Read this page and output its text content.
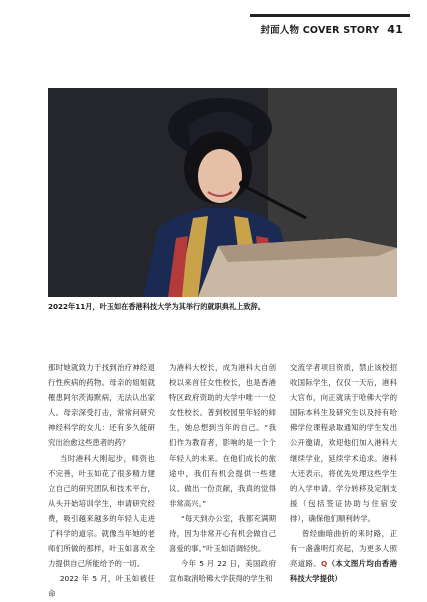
封面人物 COVER STORY 41
2022年11月，叶玉如在香港科技大学为其举行的就职典礼上致辞。

那时她就致力于找到治疗神经退行性疾病的药物。母亲的姐姐就罹患阿尔茨海默病，无法认出家人。母亲深受打击，常常问研究神经科学的女儿：还有多久能研究出治愈这些患者的药？

当时港科大刚起步，师资也不完善，叶玉如花了很多精力建立自己的研究团队和技术平台，从头开始培训学生，申请研究经费，吸引越来越多的年轻人走进了科学的道宗。就像当年她的老师们所做的那样，叶玉如喜欢全力提供自己所能给予的一切。

2022 年 5 月，叶玉如被任命

为港科大校长，成为港科大自创校以来首任女性校长，也是香港特区政府资助的大学中唯一一位女性校长。普到校园里年轻的师生，她总想到当年的自己。“我们作为教育者，影响的是一个个年轻人的未来。在他们成长的旅途中，我们有机会提供一些建议、做出一份贡献，我真的觉得非常高兴。”

“每天到办公室，我都充满期待，因为非常开心有机会做自己喜爱的事。”叶玉如语调轻快。

今年 5 月 22 日，美国政府宣布取消哈佛大学获得的学生和

交流学者项目资质，禁止该校招收国际学生，仅仅一天后，港科大官布，向正就读于哈佛大学的国际本科生及研究生以及持有哈佛学位课程录取通知的学生发出公开邀请，欢迎他们加入港科大继续学业，延续学术追求。港科大还表示，将优先处理这些学生的入学申请、学分转移及定制支援（包括签证协助与住宿安排），确保他们顺利转学。

曾经幽暗曲折的来时路，正有一盏盏明灯亮起，为更多人照亮道路。Q（本文图片均由香港科技大学提供）
